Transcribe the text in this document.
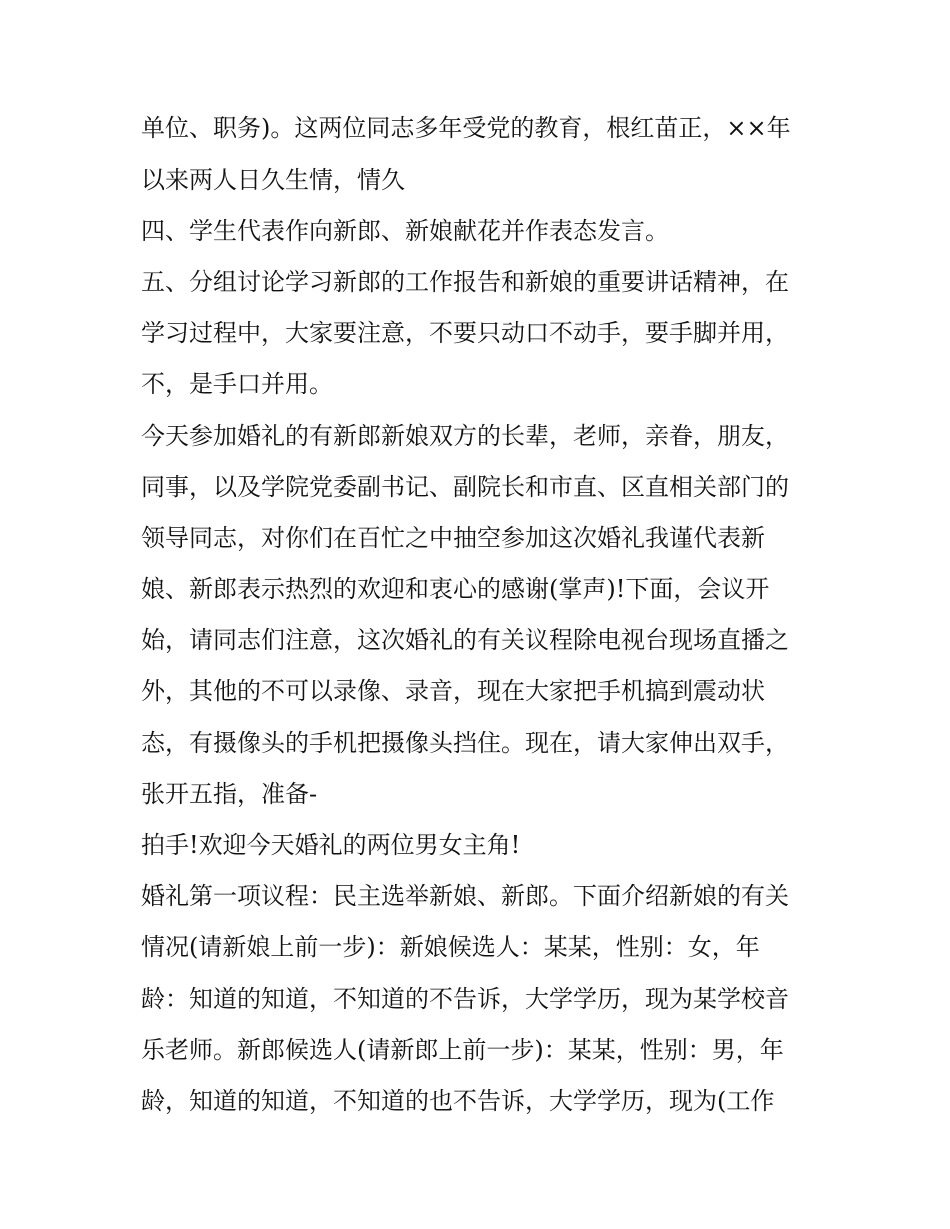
单位、职务)。这两位同志多年受党的教育，根红苗正，××年

以来两人日久生情，情久

四、学生代表作向新郎、新娘献花并作表态发言。

五、分组讨论学习新郎的工作报告和新娘的重要讲话精神，在

学习过程中，大家要注意，不要只动口不动手，要手脚并用，

不，是手口并用。

今天参加婚礼的有新郎新娘双方的长辈，老师，亲眷，朋友，

同事，以及学院党委副书记、副院长和市直、区直相关部门的

领导同志，对你们在百忙之中抽空参加这次婚礼我谨代表新

娘、新郎表示热烈的欢迎和衷心的感谢(掌声)!下面，会议开

始，请同志们注意，这次婚礼的有关议程除电视台现场直播之

外，其他的不可以录像、录音，现在大家把手机搞到震动状

态，有摄像头的手机把摄像头挡住。现在，请大家伸出双手，

张开五指，准备-

拍手!欢迎今天婚礼的两位男女主角!

婚礼第一项议程：民主选举新娘、新郎。下面介绍新娘的有关

情况(请新娘上前一步)：新娘候选人：某某，性别：女，年

龄：知道的知道，不知道的不告诉，大学学历，现为某学校音

乐老师。新郎候选人(请新郎上前一步)：某某，性别：男，年

龄，知道的知道，不知道的也不告诉，大学学历，现为(工作
